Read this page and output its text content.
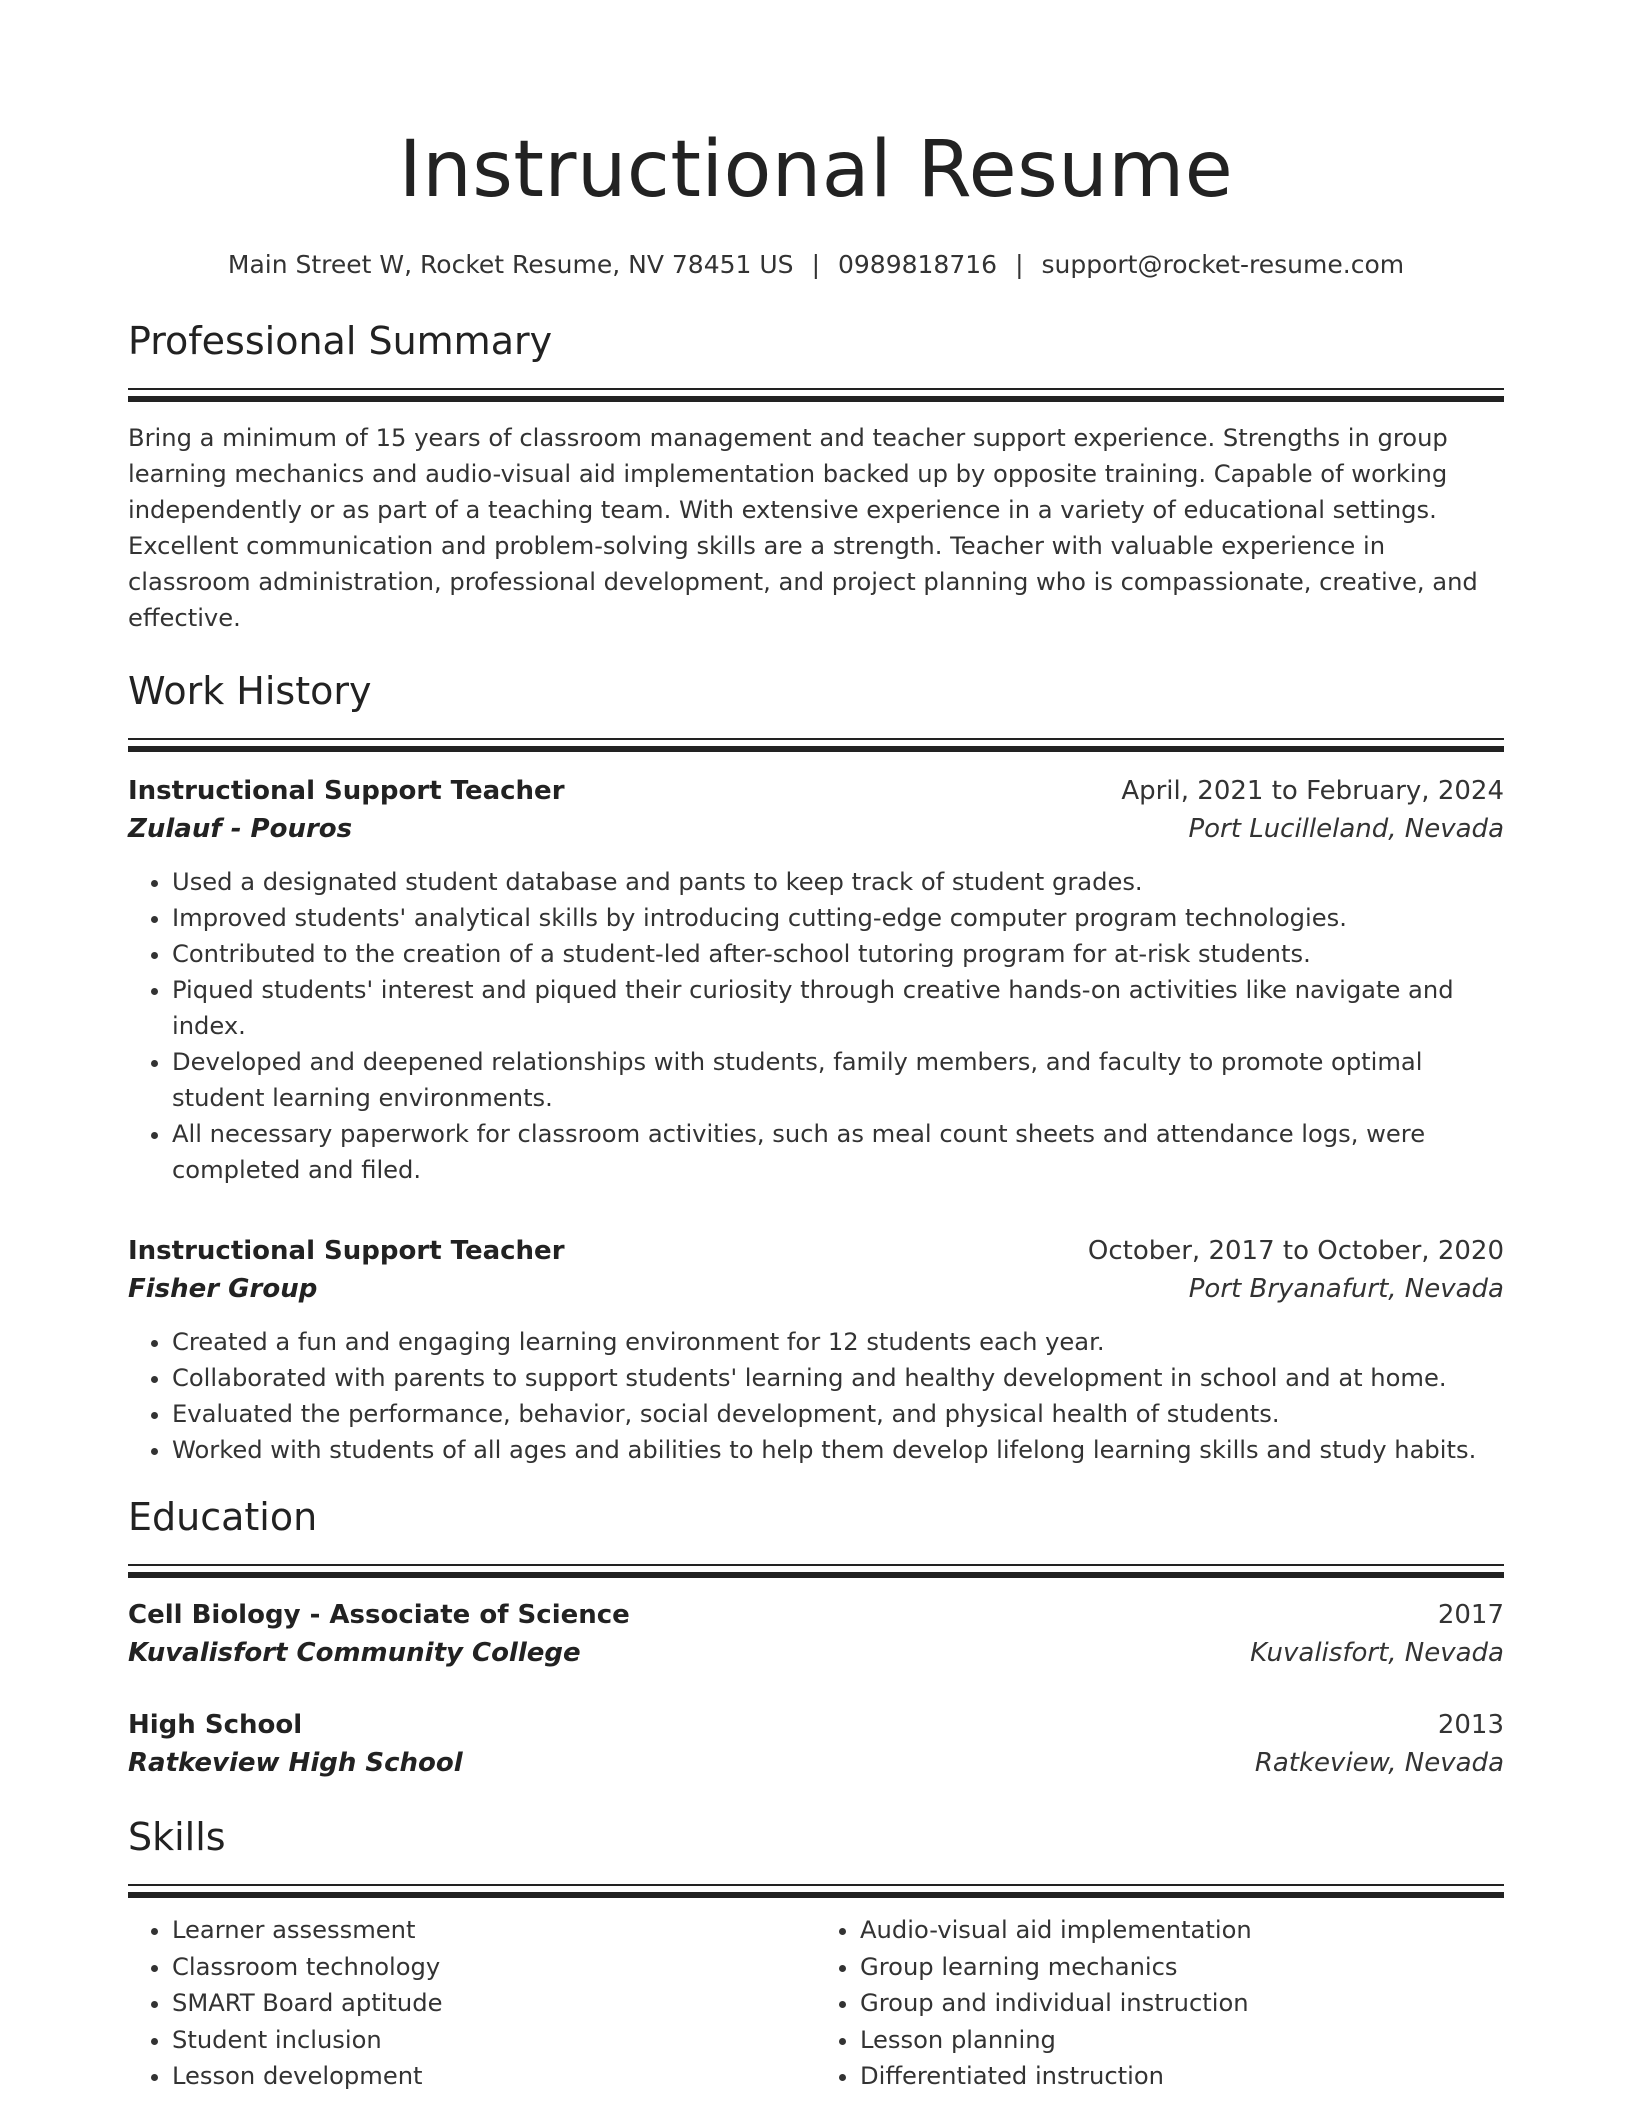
Instructional Resume
Main Street W, Rocket Resume, NV 78451 US | 0989818716 | support@rocket-resume.com
Professional Summary

Bring a minimum of 15 years of classroom management and teacher support experience. Strengths in group learning mechanics and audio-visual aid implementation backed up by opposite training. Capable of working independently or as part of a teaching team. With extensive experience in a variety of educational settings. Excellent communication and problem-solving skills are a strength. Teacher with valuable experience in classroom administration, professional development, and project planning who is compassionate, creative, and effective.

Work History
Instructional Support Teacher	April, 2021 to February, 2024
Zulauf - Pouros	Port Lucilleland, Nevada
• Used a designated student database and pants to keep track of student grades.
• Improved students' analytical skills by introducing cutting-edge computer program technologies.
• Contributed to the creation of a student-led after-school tutoring program for at-risk students.
• Piqued students' interest and piqued their curiosity through creative hands-on activities like navigate and index.
• Developed and deepened relationships with students, family members, and faculty to promote optimal student learning environments.
• All necessary paperwork for classroom activities, such as meal count sheets and attendance logs, were completed and filed.
Instructional Support Teacher	October, 2017 to October, 2020
Fisher Group	Port Bryanafurt, Nevada
• Created a fun and engaging learning environment for 12 students each year.
• Collaborated with parents to support students' learning and healthy development in school and at home.
• Evaluated the performance, behavior, social development, and physical health of students.
• Worked with students of all ages and abilities to help them develop lifelong learning skills and study habits.
Education
Cell Biology - Associate of Science	2017
Kuvalisfort Community College	Kuvalisfort, Nevada
High School	2013
Ratkeview High School	Ratkeview, Nevada
Skills
• Learner assessment
• Classroom technology
• SMART Board aptitude
• Student inclusion
• Lesson development
• Audio-visual aid implementation
• Group learning mechanics
• Group and individual instruction
• Lesson planning
• Differentiated instruction
